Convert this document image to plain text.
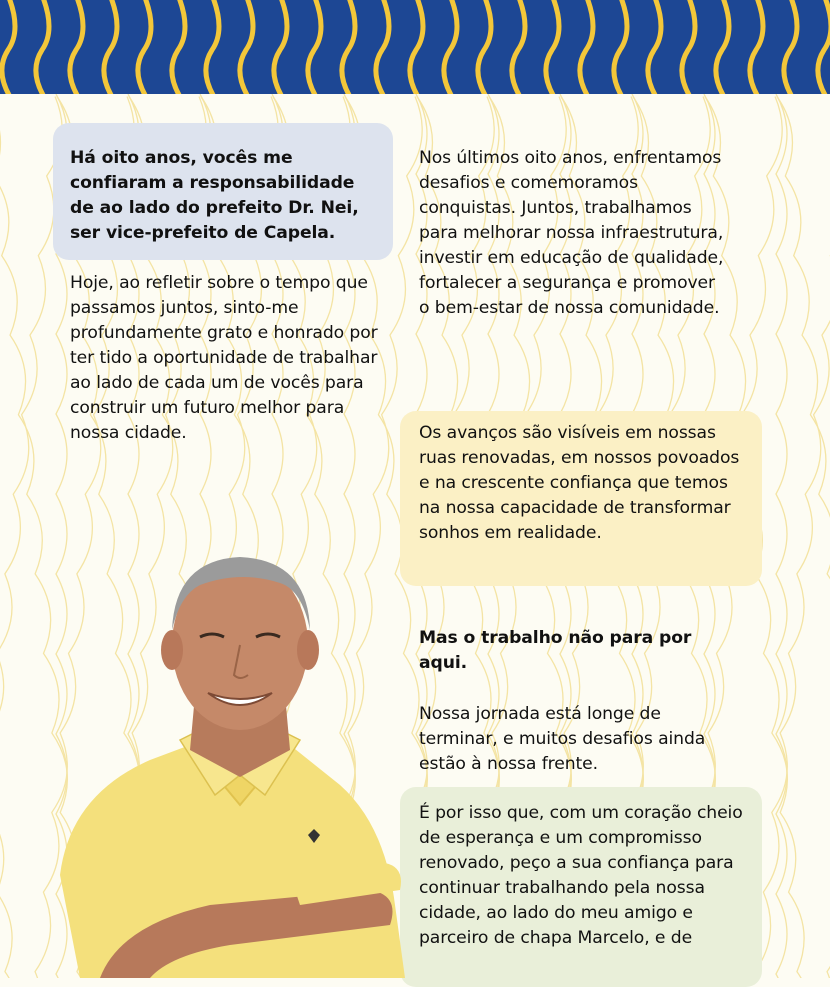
Há oito anos, vocês me confiaram a responsabilidade de ao lado do prefeito Dr. Nei, ser vice-prefeito de Capela.
Hoje, ao refletir sobre o tempo que passamos juntos, sinto-me profundamente grato e honrado por ter tido a oportunidade de trabalhar ao lado de cada um de vocês para construir um futuro melhor para nossa cidade.
Nos últimos oito anos, enfrentamos desafios e comemoramos conquistas. Juntos, trabalhamos para melhorar nossa infraestrutura, investir em educação de qualidade, fortalecer a segurança e promover o bem-estar de nossa comunidade.
Os avanços são visíveis em nossas ruas renovadas, em nossos povoados e na crescente confiança que temos na nossa capacidade de transformar sonhos em realidade.
Mas o trabalho não para por aqui.
Nossa jornada está longe de terminar, e muitos desafios ainda estão à nossa frente.
É por isso que, com um coração cheio de esperança e um compromisso renovado, peço a sua confiança para continuar trabalhando pela nossa cidade, ao lado do meu amigo e parceiro de chapa Marcelo, e de
